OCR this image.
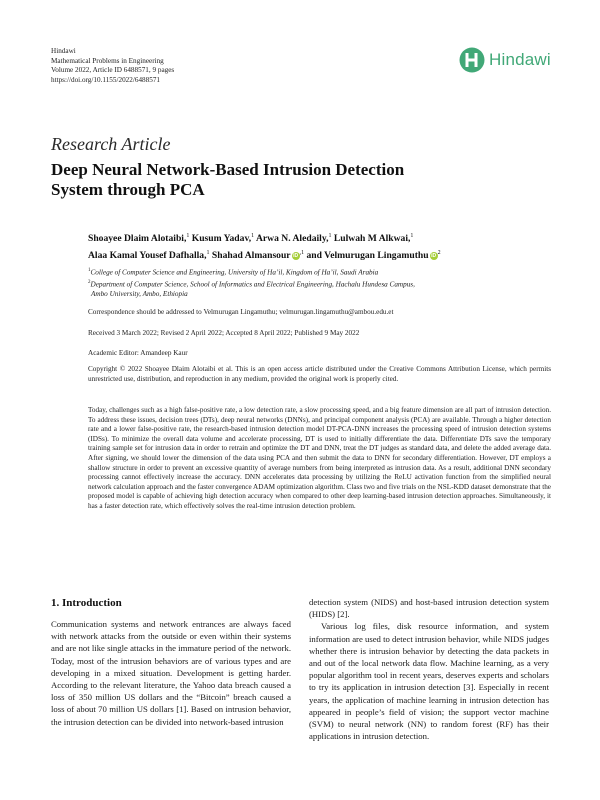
Hindawi
Mathematical Problems in Engineering
Volume 2022, Article ID 6488571, 9 pages
https://doi.org/10.1155/2022/6488571
Hindawi
Research Article
Deep Neural Network-Based Intrusion Detection
System through PCA
Shoayee Dlaim Alotaibi,$^1$ Kusum Yadav,$^1$ Arwa N. Aledaily,$^1$ Lulwah M Alkwai,$^1$
Alaa Kamal Yousef Dafhalla,$^1$ Shahad Almansour iD $^{,1}$ and Velmurugan Lingamuthu iD $^2$
$^1$College of Computer Science and Engineering, University of Ha’il, Kingdom of Ha’il, Saudi Arabia
$^2$Department of Computer Science, School of Informatics and Electrical Engineering, Hachalu Hundesa Campus,
Ambo University, Ambo, Ethiopia
Correspondence should be addressed to Velmurugan Lingamuthu; velmurugan.lingamuthu@ambou.edu.et
Received 3 March 2022; Revised 2 April 2022; Accepted 8 April 2022; Published 9 May 2022
Academic Editor: Amandeep Kaur
Copyright © 2022 Shoayee Dlaim Alotaibi et al. This is an open access article distributed under the Creative Commons Attribution License, which permits unrestricted use, distribution, and reproduction in any medium, provided the original work is properly cited.
Today, challenges such as a high false-positive rate, a low detection rate, a slow processing speed, and a big feature dimension are all part of intrusion detection. To address these issues, decision trees (DTs), deep neural networks (DNNs), and principal component analysis (PCA) are available. Through a higher detection rate and a lower false-positive rate, the research-based intrusion detection model DT-PCA-DNN increases the processing speed of intrusion detection systems (IDSs). To minimize the overall data volume and accelerate processing, DT is used to initially differentiate the data. Differentiate DTs save the temporary training sample set for intrusion data in order to retrain and optimize the DT and DNN, treat the DT judges as standard data, and delete the added average data. After signing, we should lower the dimension of the data using PCA and then submit the data to DNN for secondary differentiation. However, DT employs a shallow structure in order to prevent an excessive quantity of average numbers from being interpreted as intrusion data. As a result, additional DNN secondary processing cannot effectively increase the accuracy. DNN accelerates data processing by utilizing the ReLU activation function from the simplified neural network calculation approach and the faster convergence ADAM optimization algorithm. Class two and five trials on the NSL-KDD dataset demonstrate that the proposed model is capable of achieving high detection accuracy when compared to other deep learning-based intrusion detection approaches. Simultaneously, it has a faster detection rate, which effectively solves the real-time intrusion detection problem.
1. Introduction

Communication systems and network entrances are always faced with network attacks from the outside or even within their systems and are not like single attacks in the immature period of the network. Today, most of the intrusion behaviors are of various types and are developing in a mixed situation. Development is getting harder. According to the relevant literature, the Yahoo data breach caused a loss of 350 million US dollars and the “Bitcoin” breach caused a loss of about 70 million US dollars [1]. Based on intrusion behavior, the intrusion detection can be divided into network-based intrusion

detection system (NIDS) and host-based intrusion detection system (HIDS) [2].

Various log files, disk resource information, and system information are used to detect intrusion behavior, while NIDS judges whether there is intrusion behavior by detecting the data packets in and out of the local network data flow. Machine learning, as a very popular algorithm tool in recent years, deserves experts and scholars to try its application in intrusion detection [3]. Especially in recent years, the application of machine learning in intrusion detection has appeared in people’s field of vision; the support vector machine (SVM) to neural network (NN) to random forest (RF) has their applications in intrusion detection.
